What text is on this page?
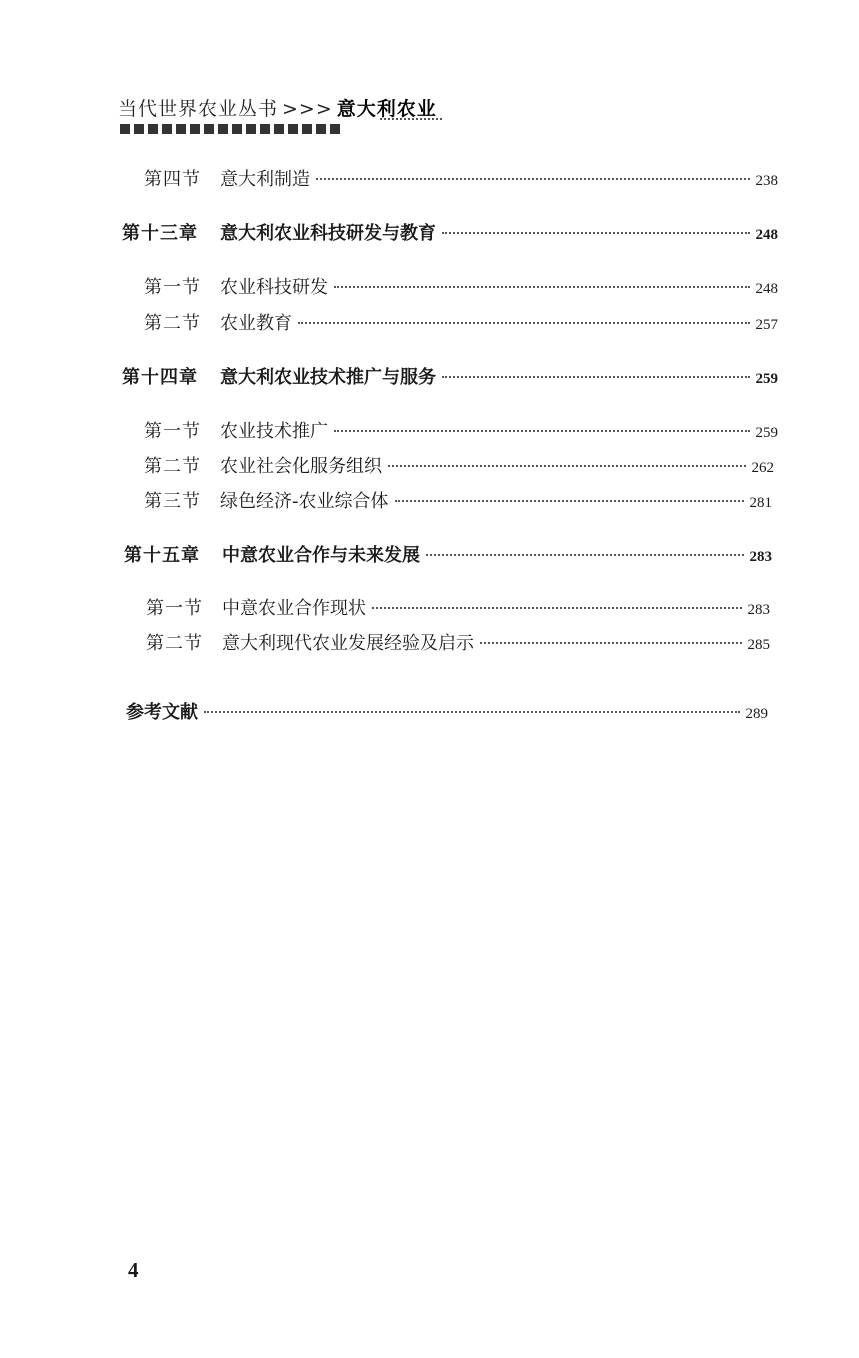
当代世界农业丛书 >>> 意大利农业
第四节	意大利制造	238
第十三章	意大利农业科技研发与教育	248
第一节	农业科技研发	248
第二节	农业教育	257
第十四章	意大利农业技术推广与服务	259
第一节	农业技术推广	259
第二节	农业社会化服务组织	262
第三节	绿色经济-农业综合体	281
第十五章	中意农业合作与未来发展	283
第一节	中意农业合作现状	283
第二节	意大利现代农业发展经验及启示	285
参考文献	289
4
